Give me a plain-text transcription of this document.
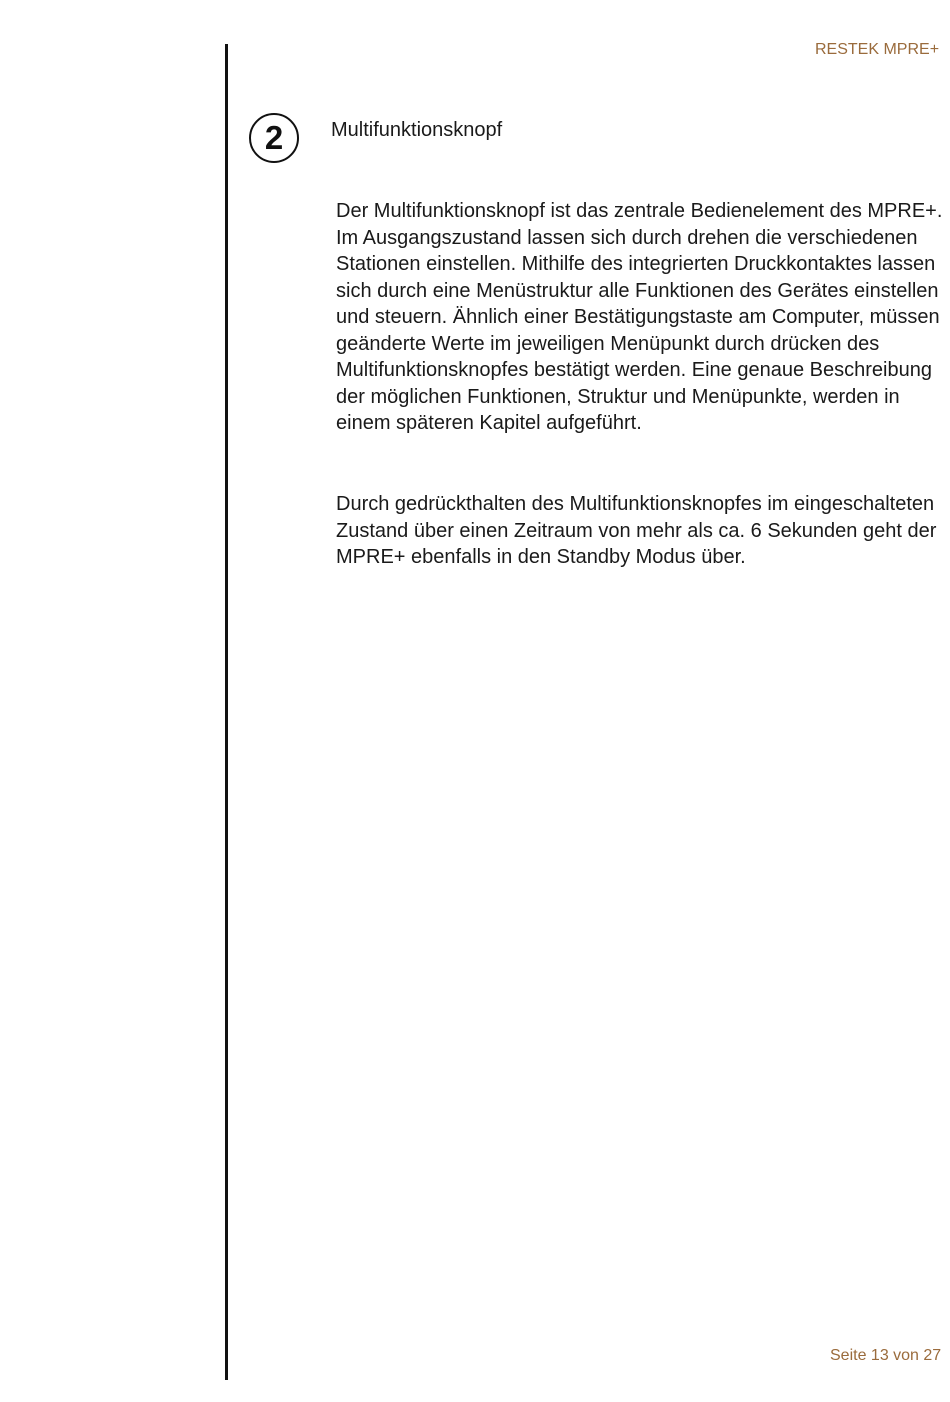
RESTEK MPRE+
2 Multifunktionsknopf

Der Multifunktionsknopf ist das zentrale Bedienelement des MPRE+. Im Ausgangszustand lassen sich durch drehen die verschiedenen Stationen einstellen. Mithilfe des integrierten Druckkontaktes lassen sich durch eine Menüstruktur alle Funktionen des Gerätes einstellen und steuern. Ähnlich einer Bestätigungstaste am Computer, müssen geänderte Werte im jeweiligen Menüpunkt durch drücken des Multifunktionsknopfes bestätigt werden. Eine genaue Beschreibung der möglichen Funktionen, Struktur und Menüpunkte, werden in einem späteren Kapitel aufgeführt.

Durch gedrückthalten des Multifunktionsknopfes im eingeschalteten Zustand über einen Zeitraum von mehr als ca. 6 Sekunden geht der MPRE+ ebenfalls in den Standby Modus über.

Seite 13 von 27
